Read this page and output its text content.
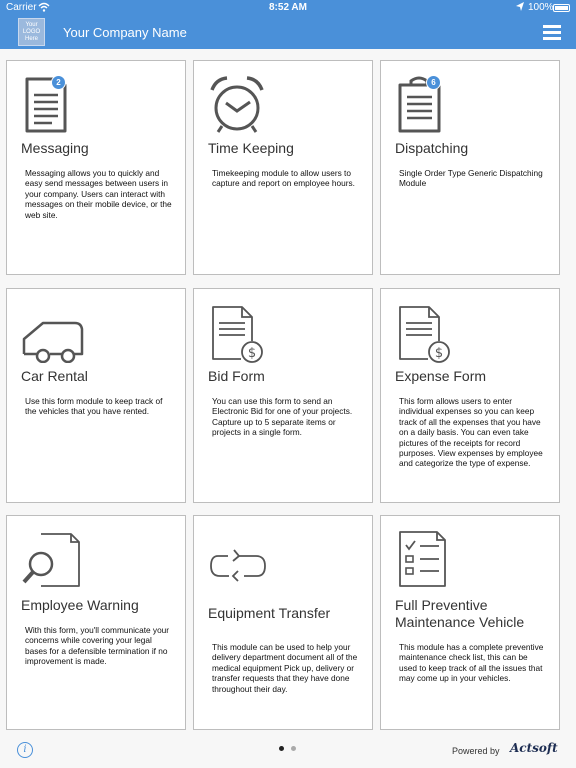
Carrier	8:52 AM	100%
Your LOGO Here	Your Company Name
2
Messaging
Messaging allows you to quickly and easy send messages between users in your company. Users can interact with messages on their mobile device, or the web site.
Time Keeping
Timekeeping module to allow users to capture and report on employee hours.
6
Dispatching
Single Order Type Generic Dispatching Module
Car Rental
Use this form module to keep track of the vehicles that you have rented.
$
Bid Form
You can use this form to send an Electronic Bid for one of your projects. Capture up to 5 separate items or projects in a single form.
$
Expense Form
This form allows users to enter individual expenses so you can keep track of all the expenses that you have on a daily basis. You can even take pictures of the receipts for record purposes. View expenses by employee and categorize the type of expense.
Employee Warning
With this form, you'll communicate your concerns while covering your legal bases for a defensible termination if no improvement is made.
Equipment Transfer
This module can be used to help your delivery department document all of the medical equipment Pick up, delivery or transfer requests that they have done throughout their day.
Full Preventive Maintenance Vehicle
This module has a complete preventive maintenance check list, this can be used to keep track of all the issues that may come up in your vehicles.
i	Powered by Actsoft
